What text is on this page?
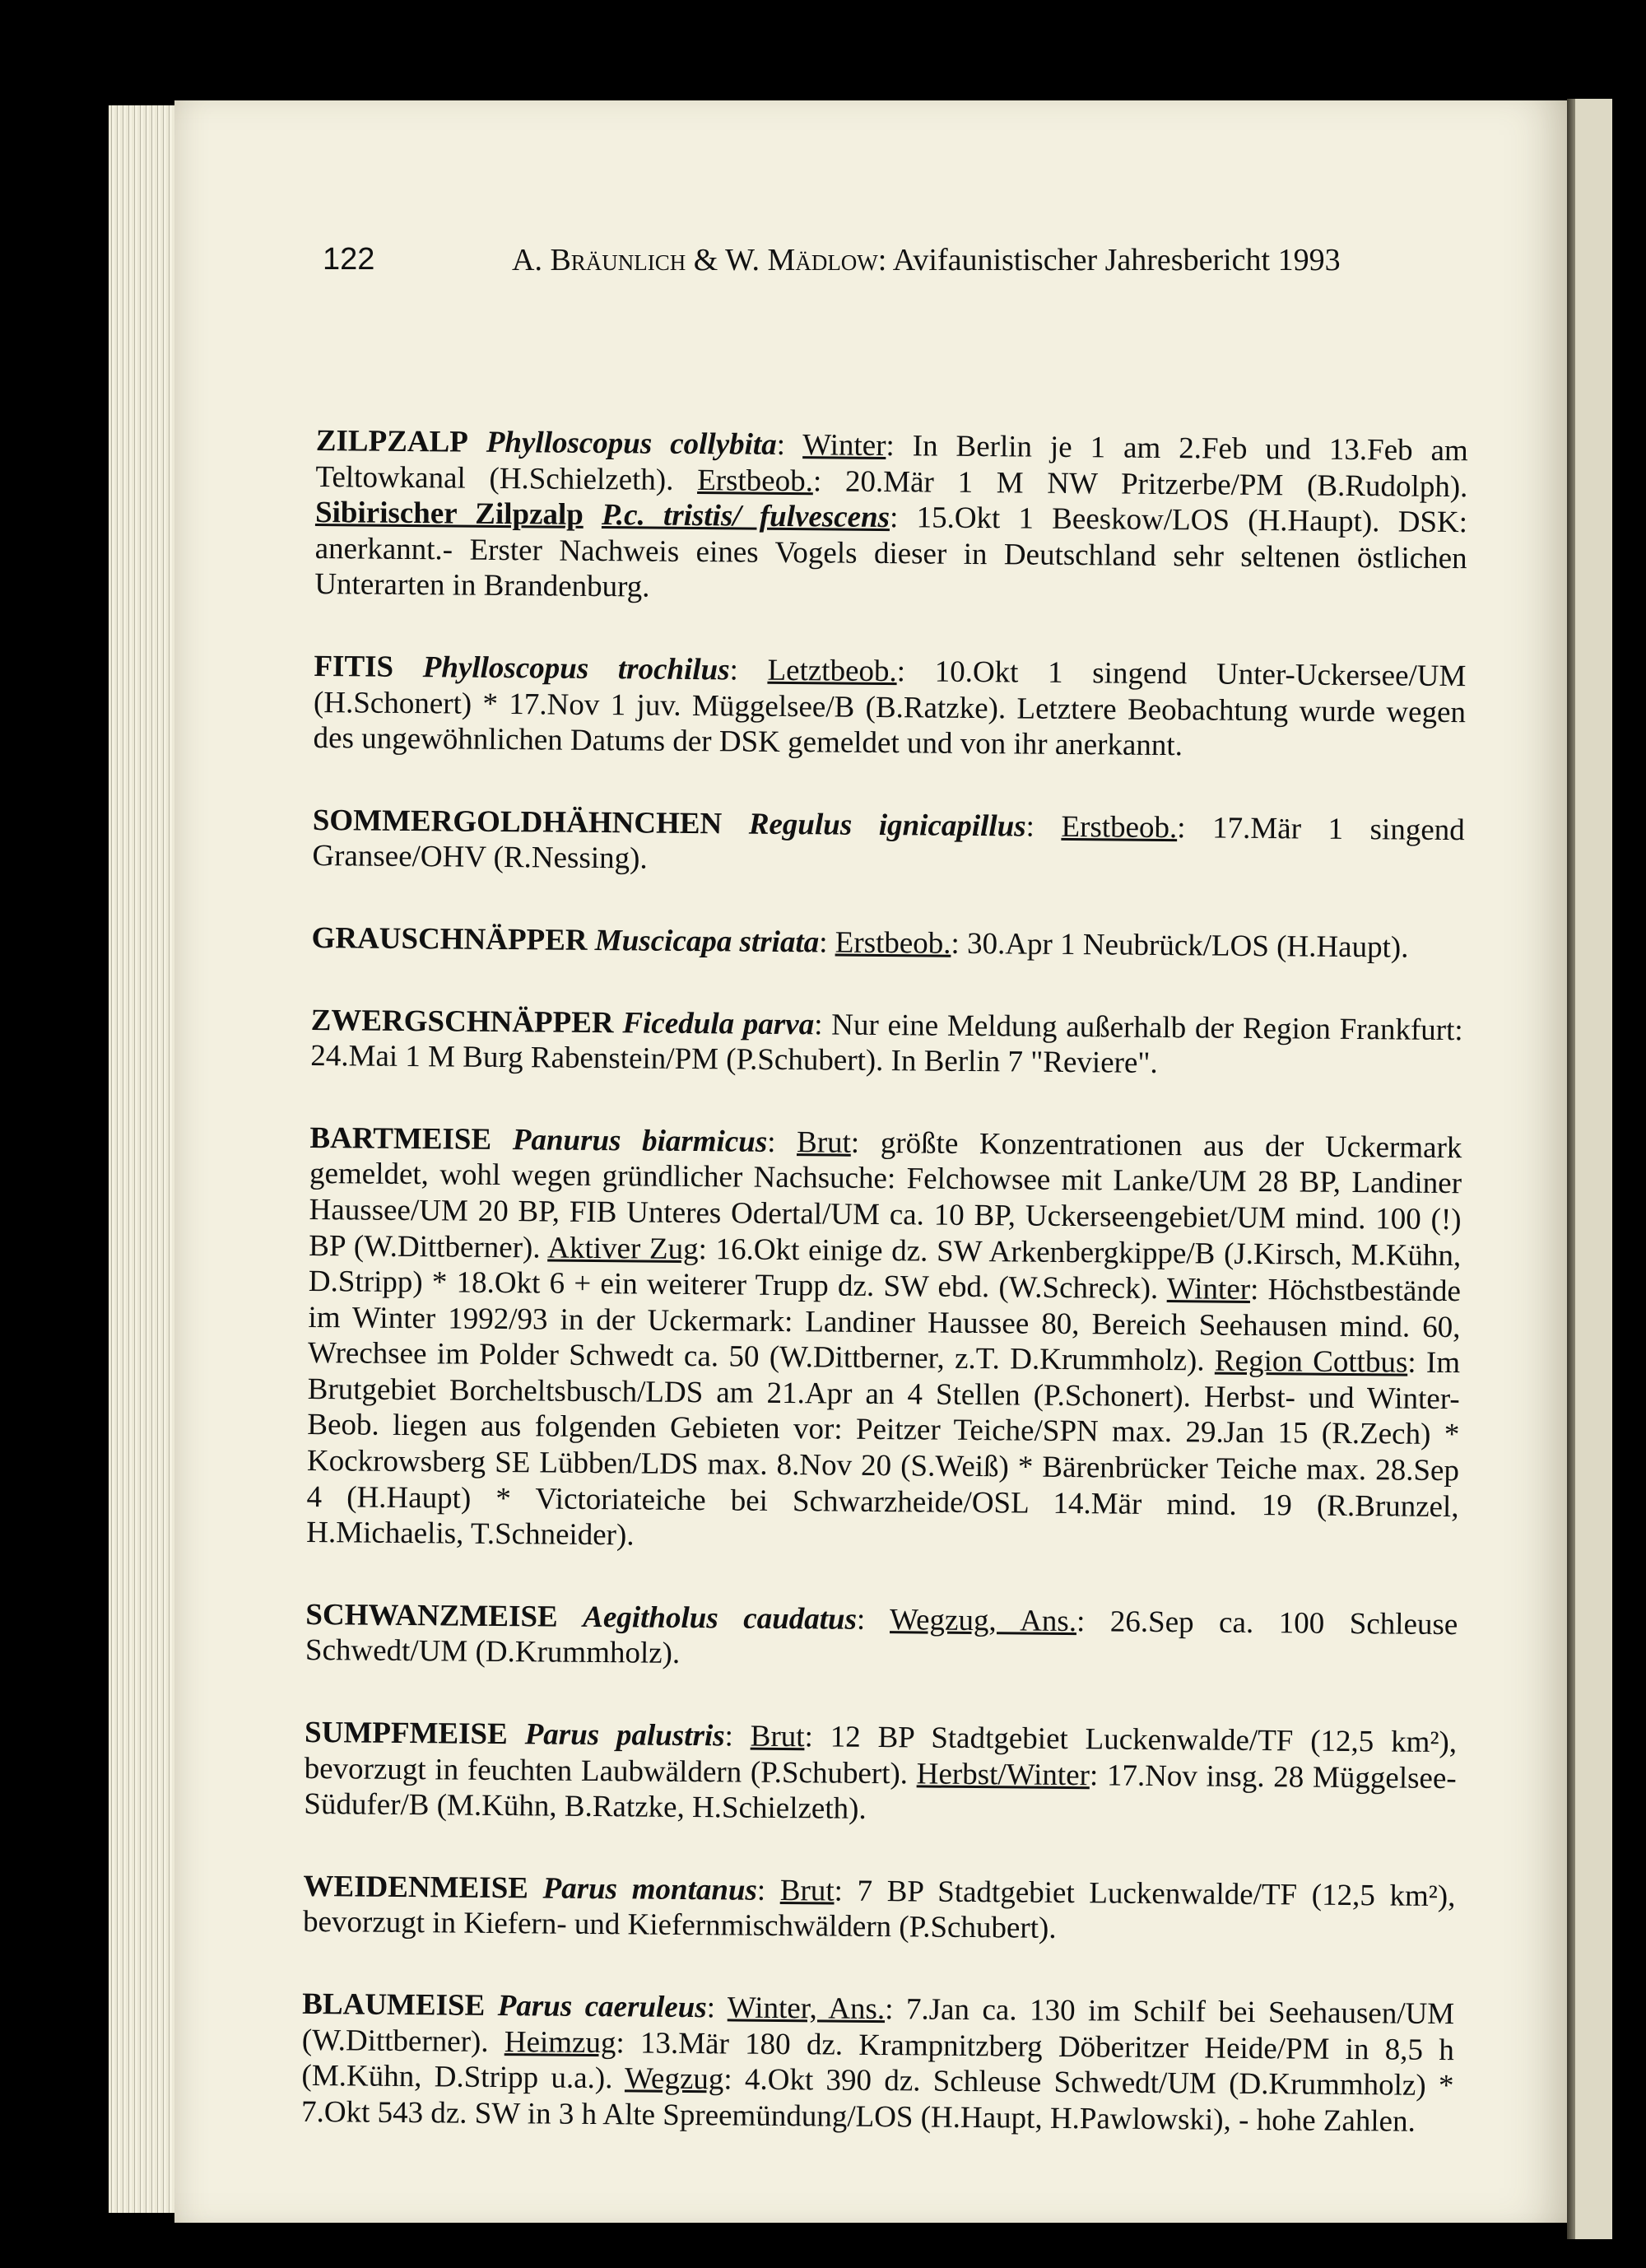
122	A. Bräunlich & W. Mädlow: Avifaunistischer Jahresbericht 1993

ZILPZALP Phylloscopus collybita: Winter: In Berlin je 1 am 2.Feb und 13.Feb am Teltowkanal (H.Schielzeth). Erstbeob.: 20.Mär 1 M NW Pritzerbe/PM (B.Rudolph). Sibirischer Zilpzalp P.c. tristis/ fulvescens: 15.Okt 1 Beeskow/LOS (H.Haupt). DSK: anerkannt.- Erster Nachweis eines Vogels dieser in Deutschland sehr seltenen östlichen Unterarten in Brandenburg.

FITIS Phylloscopus trochilus: Letztbeob.: 10.Okt 1 singend Unter-Uckersee/UM (H.Schonert) * 17.Nov 1 juv. Müggelsee/B (B.Ratzke). Letztere Beobachtung wurde wegen des ungewöhnlichen Datums der DSK gemeldet und von ihr anerkannt.

SOMMERGOLDHÄHNCHEN Regulus ignicapillus: Erstbeob.: 17.Mär 1 singend Gransee/OHV (R.Nessing).

GRAUSCHNÄPPER Muscicapa striata: Erstbeob.: 30.Apr 1 Neubrück/LOS (H.Haupt).

ZWERGSCHNÄPPER Ficedula parva: Nur eine Meldung außerhalb der Region Frankfurt: 24.Mai 1 M Burg Rabenstein/PM (P.Schubert). In Berlin 7 "Reviere".

BARTMEISE Panurus biarmicus: Brut: größte Konzentrationen aus der Uckermark gemeldet, wohl wegen gründlicher Nachsuche: Felchowsee mit Lanke/UM 28 BP, Landiner Haussee/UM 20 BP, FIB Unteres Odertal/UM ca. 10 BP, Uckerseengebiet/UM mind. 100 (!) BP (W.Dittberner). Aktiver Zug: 16.Okt einige dz. SW Arkenbergkippe/B (J.Kirsch, M.Kühn, D.Stripp) * 18.Okt 6 + ein weiterer Trupp dz. SW ebd. (W.Schreck). Winter: Höchstbestände im Winter 1992/93 in der Uckermark: Landiner Haussee 80, Bereich Seehausen mind. 60, Wrechsee im Polder Schwedt ca. 50 (W.Dittberner, z.T. D.Krummholz). Region Cottbus: Im Brutgebiet Borcheltsbusch/LDS am 21.Apr an 4 Stellen (P.Schonert). Herbst- und Winter-Beob. liegen aus folgenden Gebieten vor: Peitzer Teiche/SPN max. 29.Jan 15 (R.Zech) * Kockrowsberg SE Lübben/LDS max. 8.Nov 20 (S.Weiß) * Bärenbrücker Teiche max. 28.Sep 4 (H.Haupt) * Victoriateiche bei Schwarzheide/OSL 14.Mär mind. 19 (R.Brunzel, H.Michaelis, T.Schneider).

SCHWANZMEISE Aegitholus caudatus: Wegzug, Ans.: 26.Sep ca. 100 Schleuse Schwedt/UM (D.Krummholz).

SUMPFMEISE Parus palustris: Brut: 12 BP Stadtgebiet Luckenwalde/TF (12,5 km²), bevorzugt in feuchten Laubwäldern (P.Schubert). Herbst/Winter: 17.Nov insg. 28 Müggelsee-Südufer/B (M.Kühn, B.Ratzke, H.Schielzeth).

WEIDENMEISE Parus montanus: Brut: 7 BP Stadtgebiet Luckenwalde/TF (12,5 km²), bevorzugt in Kiefern- und Kiefernmischwäldern (P.Schubert).

BLAUMEISE Parus caeruleus: Winter, Ans.: 7.Jan ca. 130 im Schilf bei Seehausen/UM (W.Dittberner). Heimzug: 13.Mär 180 dz. Krampnitzberg Döberitzer Heide/PM in 8,5 h (M.Kühn, D.Stripp u.a.). Wegzug: 4.Okt 390 dz. Schleuse Schwedt/UM (D.Krummholz) * 7.Okt 543 dz. SW in 3 h Alte Spreemündung/LOS (H.Haupt, H.Pawlowski), - hohe Zahlen.
